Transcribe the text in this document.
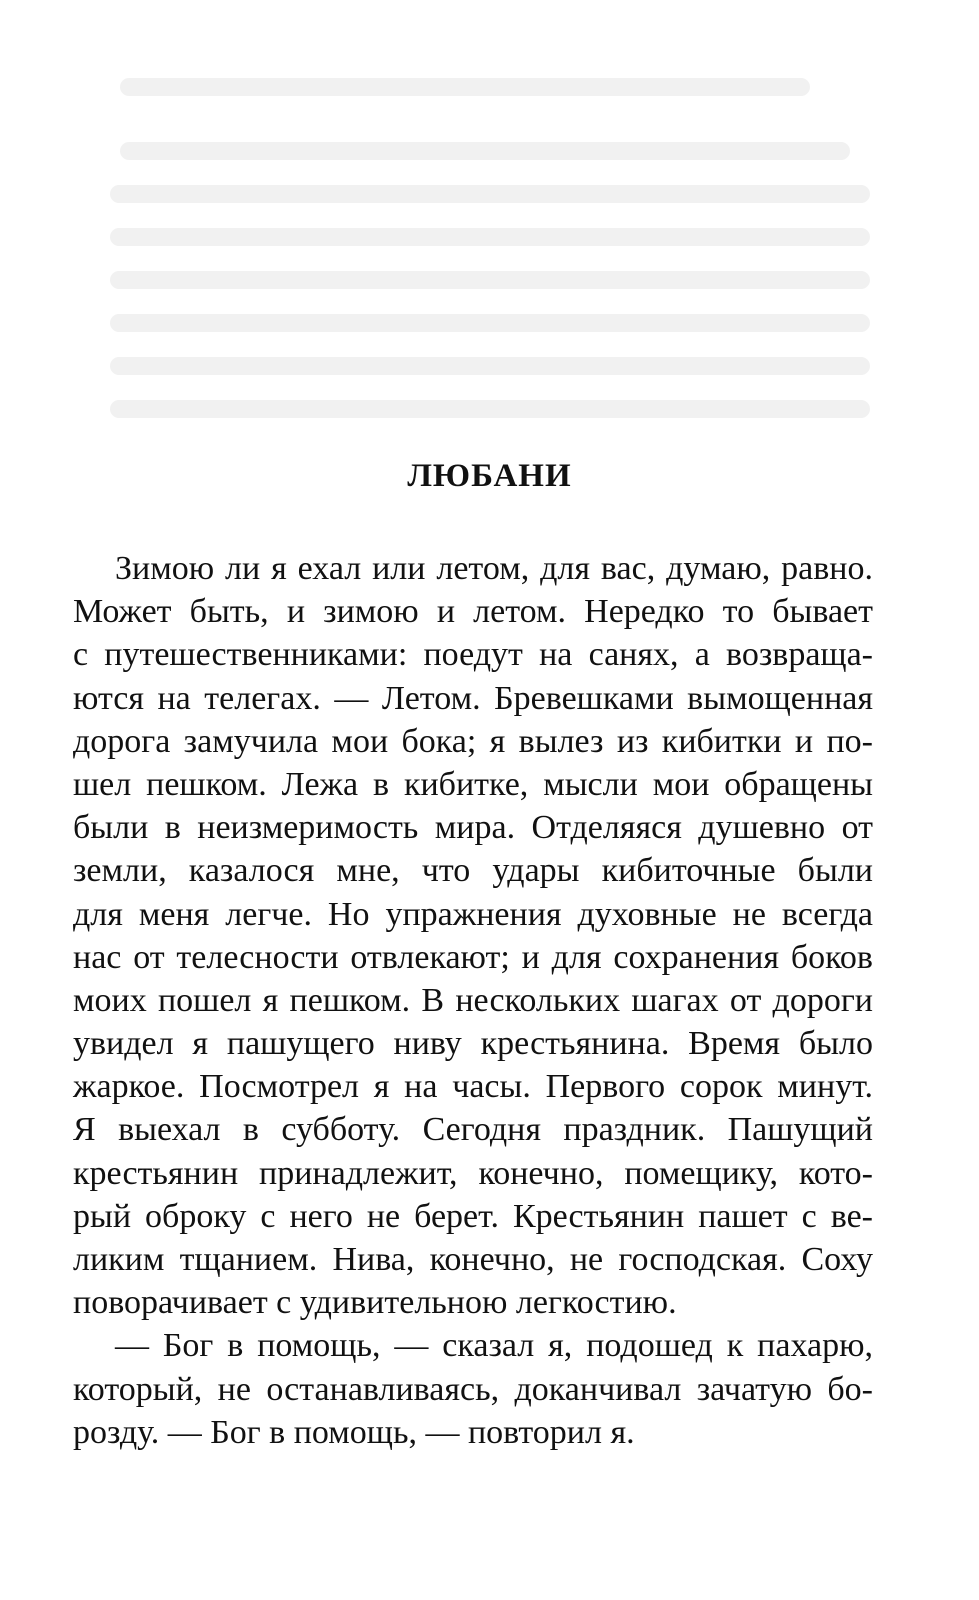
ЛЮБАНИ
Зимою ли я ехал или летом, для вас, думаю, равно.
Может быть, и зимою и летом. Нередко то бывает
с путешественниками: поедут на санях, а возвраща-
ются на телегах. — Летом. Бревешками вымощенная
дорога замучила мои бока; я вылез из кибитки и по-
шел пешком. Лежа в кибитке, мысли мои обращены
были в неизмеримость мира. Отделяяся душевно от
земли, казалося мне, что удары кибиточные были
для меня легче. Но упражнения духовные не всегда
нас от телесности отвлекают; и для сохранения боков
моих пошел я пешком. В нескольких шагах от дороги
увидел я пашущего ниву крестьянина. Время было
жаркое. Посмотрел я на часы. Первого сорок минут.
Я выехал в субботу. Сегодня праздник. Пашущий
крестьянин принадлежит, конечно, помещику, кото-
рый оброку с него не берет. Крестьянин пашет с ве-
ликим тщанием. Нива, конечно, не господская. Соху
поворачивает с удивительною легкостию.
— Бог в помощь, — сказал я, подошед к пахарю,
который, не останавливаясь, доканчивал зачатую бо-
розду. — Бог в помощь, — повторил я.
